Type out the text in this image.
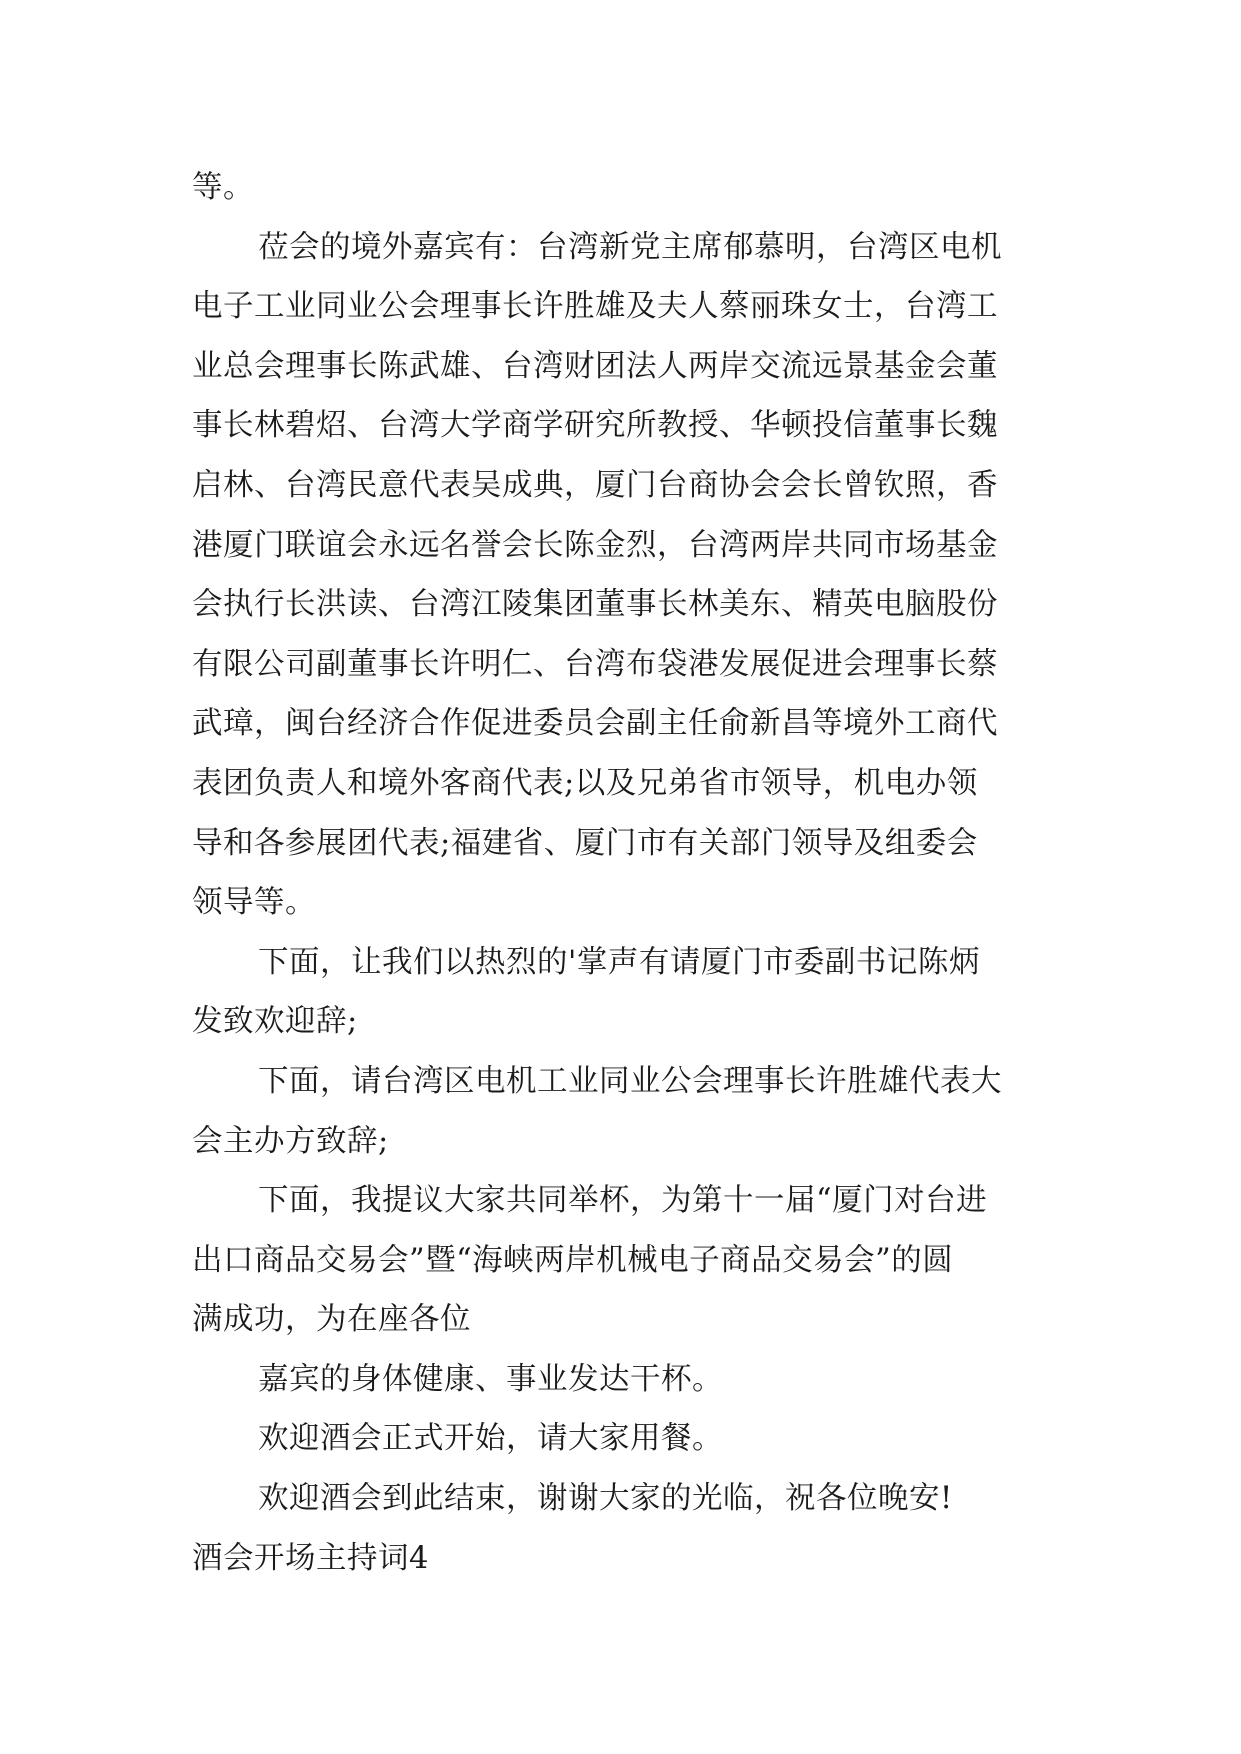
等。
莅会的境外嘉宾有：台湾新党主席郁慕明，台湾区电机
电子工业同业公会理事长许胜雄及夫人蔡丽珠女士，台湾工
业总会理事长陈武雄、台湾财团法人两岸交流远景基金会董
事长林碧炤、台湾大学商学研究所教授、华顿投信董事长魏
启林、台湾民意代表吴成典，厦门台商协会会长曾钦照，香
港厦门联谊会永远名誉会长陈金烈，台湾两岸共同市场基金
会执行长洪读、台湾江陵集团董事长林美东、精英电脑股份
有限公司副董事长许明仁、台湾布袋港发展促进会理事长蔡
武璋，闽台经济合作促进委员会副主任俞新昌等境外工商代
表团负责人和境外客商代表;以及兄弟省市领导，机电办领
导和各参展团代表;福建省、厦门市有关部门领导及组委会
领导等。
下面，让我们以热烈的'掌声有请厦门市委副书记陈炳
发致欢迎辞;
下面，请台湾区电机工业同业公会理事长许胜雄代表大
会主办方致辞;
下面，我提议大家共同举杯，为第十一届“厦门对台进
出口商品交易会”暨“海峡两岸机械电子商品交易会”的圆
满成功，为在座各位
嘉宾的身体健康、事业发达干杯。
欢迎酒会正式开始，请大家用餐。
欢迎酒会到此结束，谢谢大家的光临，祝各位晚安!
酒会开场主持词4
